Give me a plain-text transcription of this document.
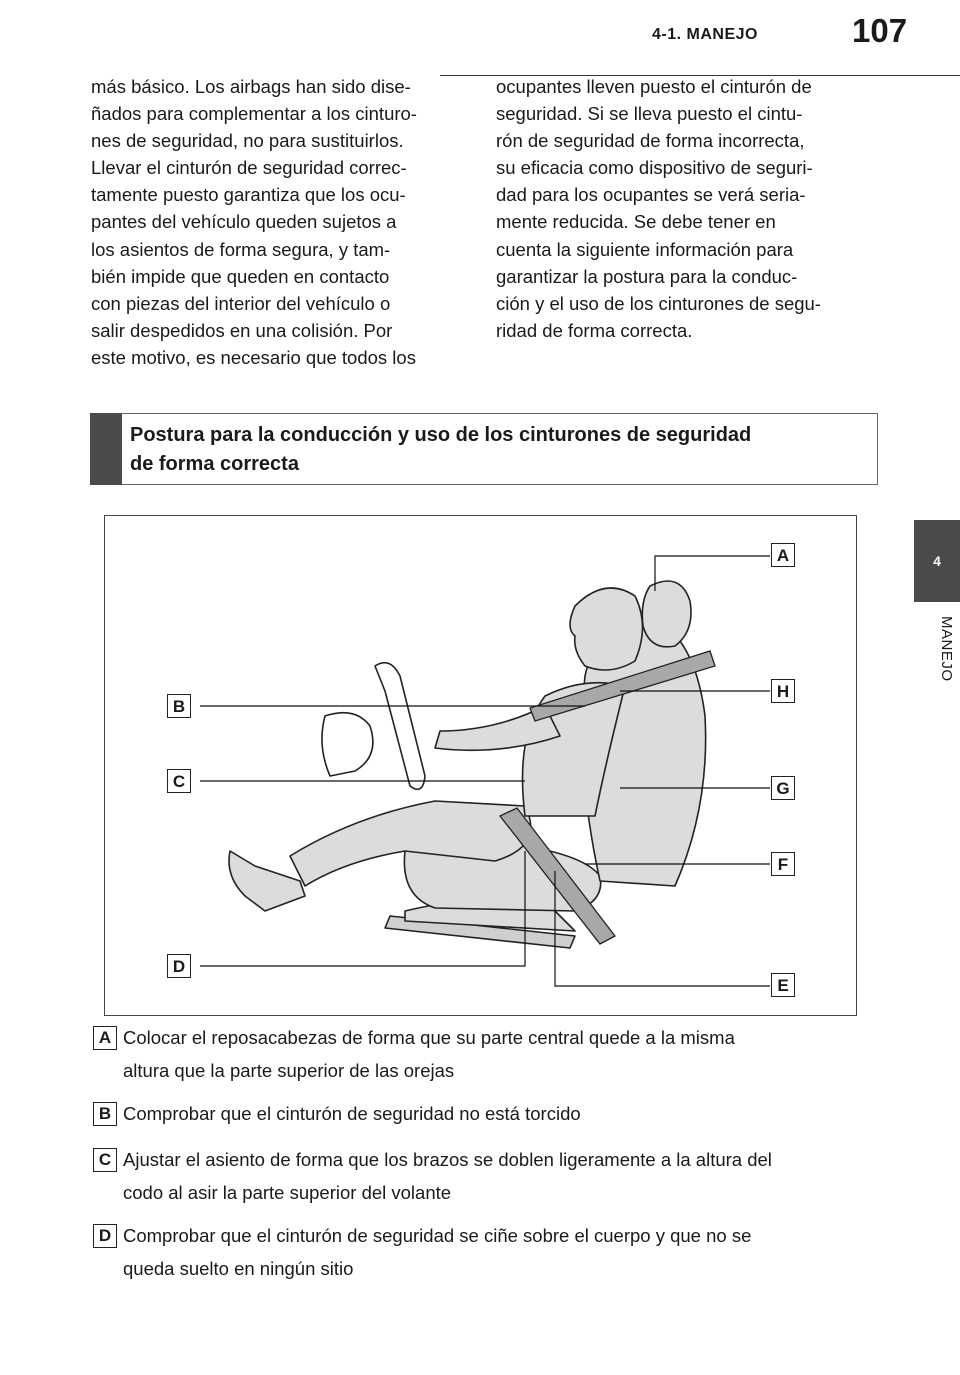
4-1. MANEJO	107
4
MANEJO

más básico. Los airbags han sido dise-

ñados para complementar a los cinturo-

nes de seguridad, no para sustituirlos.

Llevar el cinturón de seguridad correc-

tamente puesto garantiza que los ocu-

pantes del vehículo queden sujetos a

los asientos de forma segura, y tam-

bién impide que queden en contacto

con piezas del interior del vehículo o

salir despedidos en una colisión. Por

este motivo, es necesario que todos los

ocupantes lleven puesto el cinturón de

seguridad. Si se lleva puesto el cintu-

rón de seguridad de forma incorrecta,

su eficacia como dispositivo de seguri-

dad para los ocupantes se verá seria-

mente reducida. Se debe tener en

cuenta la siguiente información para

garantizar la postura para la conduc-

ción y el uso de los cinturones de segu-

ridad de forma correcta.

Postura para la conducción y uso de los cinturones de seguridad
de forma correcta
A
B
C
D
E
F
G
H
A Colocar el reposacabezas de forma que su parte central quede a la misma
altura que la parte superior de las orejas
B Comprobar que el cinturón de seguridad no está torcido
C Ajustar el asiento de forma que los brazos se doblen ligeramente a la altura del
codo al asir la parte superior del volante
D Comprobar que el cinturón de seguridad se ciñe sobre el cuerpo y que no se
queda suelto en ningún sitio
